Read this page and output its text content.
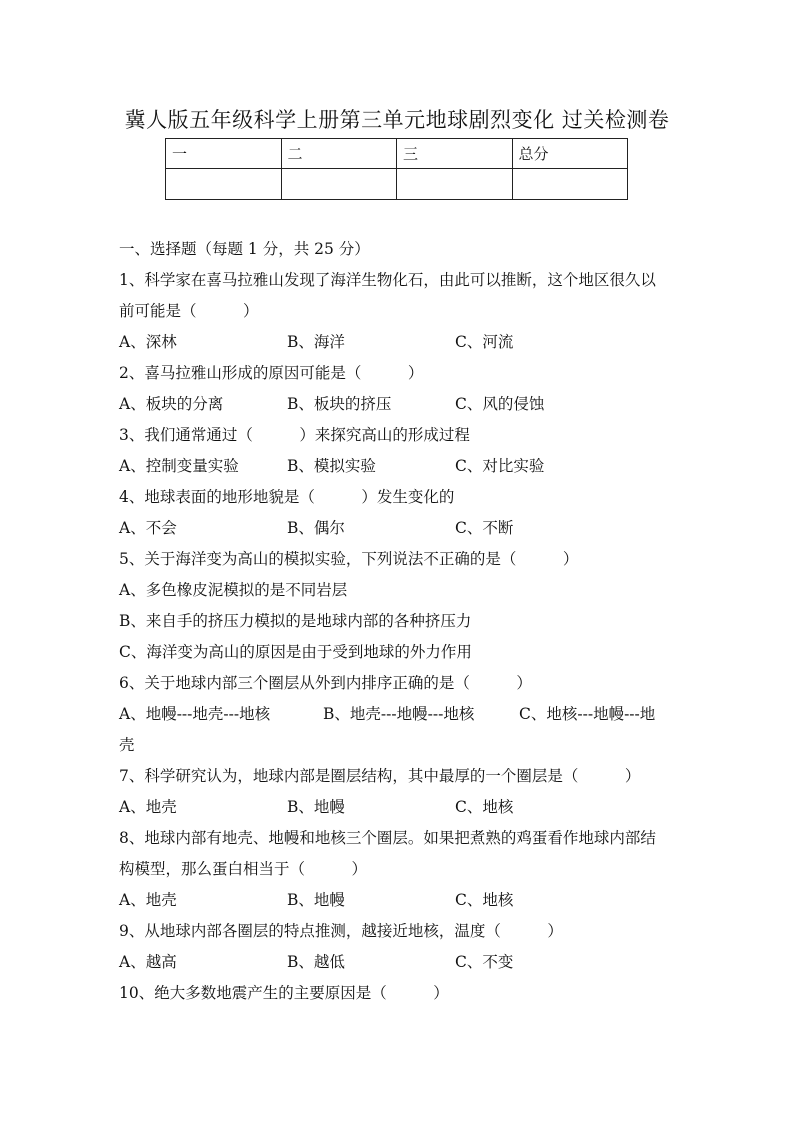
冀人版五年级科学上册第三单元地球剧烈变化 过关检测卷
一	二	三	总分

一、选择题（每题 1 分，共 25 分）
1、科学家在喜马拉雅山发现了海洋生物化石，由此可以推断，这个地区很久以
前可能是（　　　）
A、深林	B、海洋	C、河流
2、喜马拉雅山形成的原因可能是（　　　）
A、板块的分离	B、板块的挤压	C、风的侵蚀
3、我们通常通过（　　　）来探究高山的形成过程
A、控制变量实验	B、模拟实验	C、对比实验
4、地球表面的地形地貌是（　　　）发生变化的
A、不会	B、偶尔	C、不断
5、关于海洋变为高山的模拟实验，下列说法不正确的是（　　　）
A、多色橡皮泥模拟的是不同岩层
B、来自手的挤压力模拟的是地球内部的各种挤压力
C、海洋变为高山的原因是由于受到地球的外力作用
6、关于地球内部三个圈层从外到内排序正确的是（　　　）
A、地幔---地壳---地核	B、地壳---地幔---地核	C、地核---地幔---地
壳
7、科学研究认为，地球内部是圈层结构，其中最厚的一个圈层是（　　　）
A、地壳	B、地幔	C、地核
8、地球内部有地壳、地幔和地核三个圈层。如果把煮熟的鸡蛋看作地球内部结
构模型，那么蛋白相当于（　　　）
A、地壳	B、地幔	C、地核
9、从地球内部各圈层的特点推测，越接近地核，温度（　　　）
A、越高	B、越低	C、不变
10、绝大多数地震产生的主要原因是（　　　）
